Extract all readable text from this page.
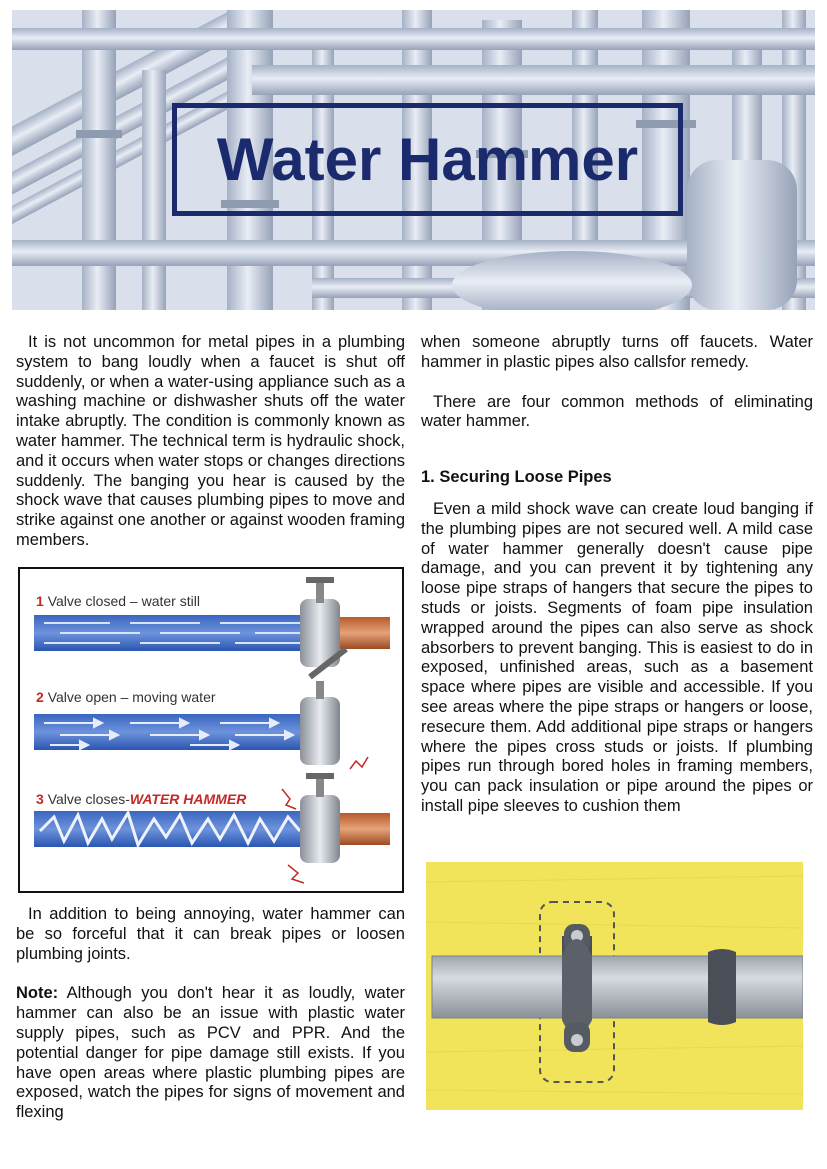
Water Hammer

It is not uncommon for metal pipes in a plumbing system to bang loudly when a faucet is shut off suddenly, or when a water-using appliance such as a washing machine or dishwasher shuts off the water intake abruptly. The condition is commonly known as water hammer. The technical term is hydraulic shock, and it occurs when water stops or changes directions suddenly. The banging you hear is caused by the shock wave that causes plumbing pipes to move and strike against one another or against wooden framing members.

1 Valve closed – water still
2 Valve open – moving water
3 Valve closes-WATER HAMMER

In addition to being annoying, water hammer can be so forceful that it can break pipes or loosen plumbing joints.

Note: Although you don't hear it as loudly, water hammer can also be an issue with plastic water supply pipes, such as PCV and PPR. And the potential danger for pipe damage still exists. If you have open areas where plastic plumbing pipes are exposed, watch the pipes for signs of movement and flexing

when someone abruptly turns off faucets. Water hammer in plastic pipes also callsfor remedy.

There are four common methods of eliminating water hammer.

1. Securing Loose Pipes

Even a mild shock wave can create loud banging if the plumbing pipes are not secured well. A mild case of water hammer generally doesn't cause pipe damage, and you can prevent it by tightening any loose pipe straps of hangers that secure the pipes to studs or joists. Segments of foam pipe insulation wrapped around the pipes can also serve as shock absorbers to prevent banging. This is easiest to do in exposed, unfinished areas, such as a basement space where pipes are visible and accessible. If you see areas where the pipe straps or hangers or loose, resecure them. Add additional pipe straps or hangers where the pipes cross studs or joists. If plumbing pipes run through bored holes in framing members, you can pack insulation or pipe around the pipes or install pipe sleeves to cushion them
